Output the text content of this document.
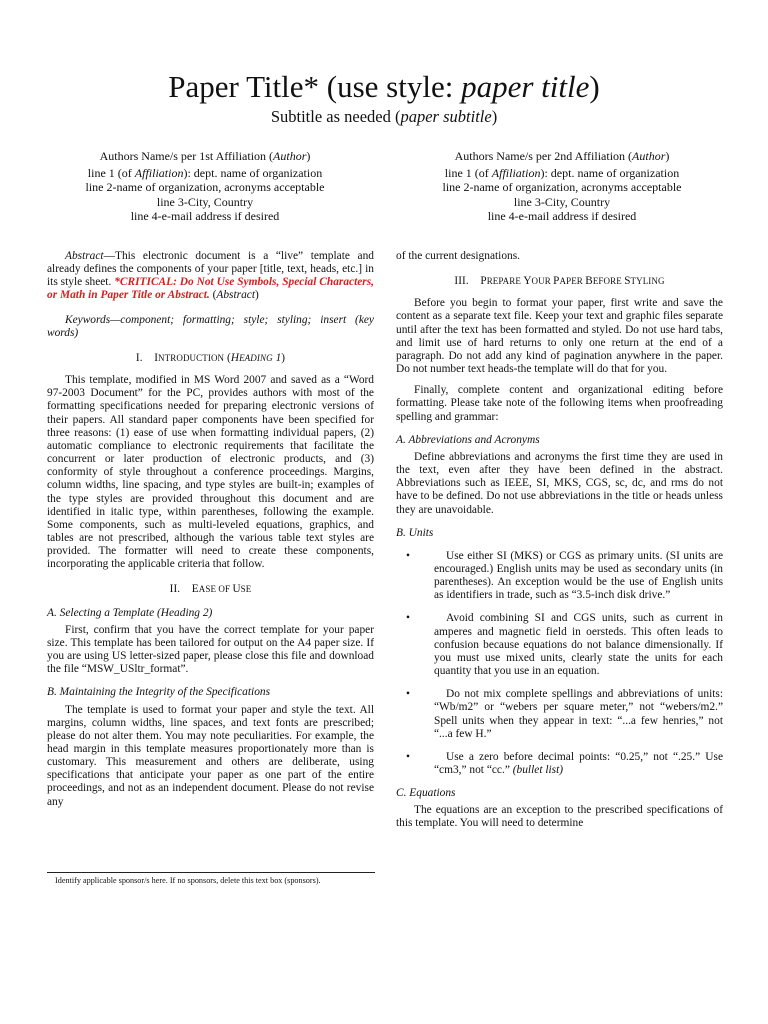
Paper Title* (use style: paper title)
Subtitle as needed (paper subtitle)
Authors Name/s per 1st Affiliation (Author)
line 1 (of Affiliation): dept. name of organization
line 2-name of organization, acronyms acceptable
line 3-City, Country
line 4-e-mail address if desired
Authors Name/s per 2nd Affiliation (Author)
line 1 (of Affiliation): dept. name of organization
line 2-name of organization, acronyms acceptable
line 3-City, Country
line 4-e-mail address if desired

Abstract—This electronic document is a “live” template and already defines the components of your paper [title, text, heads, etc.] in its style sheet. *CRITICAL: Do Not Use Symbols, Special Characters, or Math in Paper Title or Abstract. (Abstract)

Keywords—component; formatting; style; styling; insert (key words)

I. INTRODUCTION (HEADING 1)

This template, modified in MS Word 2007 and saved as a “Word 97-2003 Document” for the PC, provides authors with most of the formatting specifications needed for preparing electronic versions of their papers. All standard paper components have been specified for three reasons: (1) ease of use when formatting individual papers, (2) automatic compliance to electronic requirements that facilitate the concurrent or later production of electronic products, and (3) conformity of style throughout a conference proceedings. Margins, column widths, line spacing, and type styles are built-in; examples of the type styles are provided throughout this document and are identified in italic type, within parentheses, following the example. Some components, such as multi-leveled equations, graphics, and tables are not prescribed, although the various table text styles are provided. The formatter will need to create these components, incorporating the applicable criteria that follow.

II. EASE OF USE

A. Selecting a Template (Heading 2)

First, confirm that you have the correct template for your paper size. This template has been tailored for output on the A4 paper size. If you are using US letter-sized paper, please close this file and download the file “MSW_USltr_format”.

B. Maintaining the Integrity of the Specifications

The template is used to format your paper and style the text. All margins, column widths, line spaces, and text fonts are prescribed; please do not alter them. You may note peculiarities. For example, the head margin in this template measures proportionately more than is customary. This measurement and others are deliberate, using specifications that anticipate your paper as one part of the entire proceedings, and not as an independent document. Please do not revise any

of the current designations.

III. PREPARE YOUR PAPER BEFORE STYLING

Before you begin to format your paper, first write and save the content as a separate text file. Keep your text and graphic files separate until after the text has been formatted and styled. Do not use hard tabs, and limit use of hard returns to only one return at the end of a paragraph. Do not add any kind of pagination anywhere in the paper. Do not number text heads-the template will do that for you.

Finally, complete content and organizational editing before formatting. Please take note of the following items when proofreading spelling and grammar:

A. Abbreviations and Acronyms

Define abbreviations and acronyms the first time they are used in the text, even after they have been defined in the abstract. Abbreviations such as IEEE, SI, MKS, CGS, sc, dc, and rms do not have to be defined. Do not use abbreviations in the title or heads unless they are unavoidable.

B. Units

•	Use either SI (MKS) or CGS as primary units. (SI units are encouraged.) English units may be used as secondary units (in parentheses). An exception would be the use of English units as identifiers in trade, such as “3.5-inch disk drive.”
•	Avoid combining SI and CGS units, such as current in amperes and magnetic field in oersteds. This often leads to confusion because equations do not balance dimensionally. If you must use mixed units, clearly state the units for each quantity that you use in an equation.
•	Do not mix complete spellings and abbreviations of units: “Wb/m2” or “webers per square meter,” not “webers/m2.” Spell units when they appear in text: “...a few henries,” not “...a few H.”
•	Use a zero before decimal points: “0.25,” not “.25.” Use “cm3,” not “cc.” (bullet list)

C. Equations

The equations are an exception to the prescribed specifications of this template. You will need to determine

Identify applicable sponsor/s here. If no sponsors, delete this text box (sponsors).
